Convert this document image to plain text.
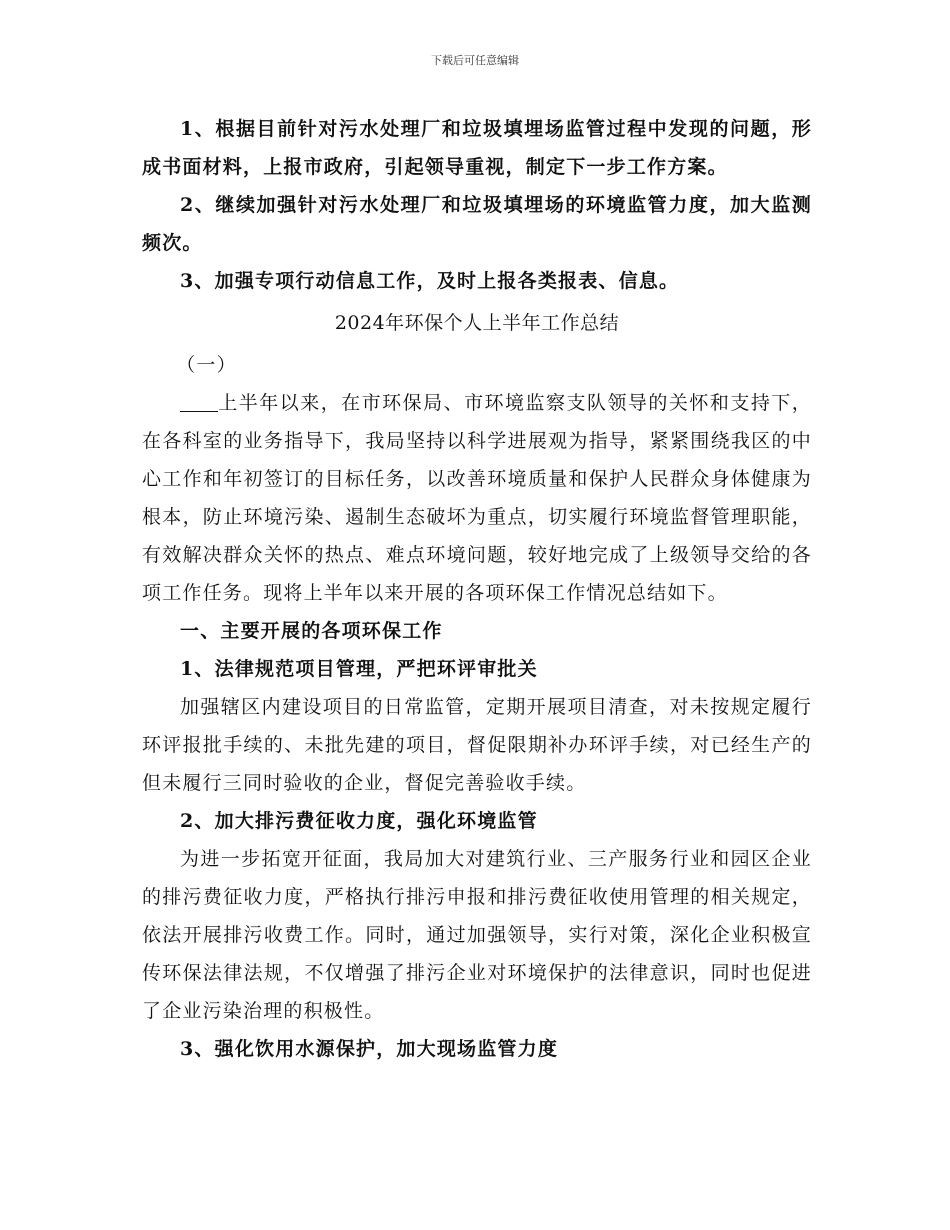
下载后可任意编辑

1、根据目前针对污水处理厂和垃圾填埋场监管过程中发现的问题，形成书面材料，上报市政府，引起领导重视，制定下一步工作方案。

2、继续加强针对污水处理厂和垃圾填埋场的环境监管力度，加大监测频次。

3、加强专项行动信息工作，及时上报各类报表、信息。

2024年环保个人上半年工作总结

（一）

上半年以来，在市环保局、市环境监察支队领导的关怀和支持下，在各科室的业务指导下，我局坚持以科学进展观为指导，紧紧围绕我区的中心工作和年初签订的目标任务，以改善环境质量和保护人民群众身体健康为根本，防止环境污染、遏制生态破坏为重点，切实履行环境监督管理职能，有效解决群众关怀的热点、难点环境问题，较好地完成了上级领导交给的各项工作任务。现将上半年以来开展的各项环保工作情况总结如下。

一、主要开展的各项环保工作

1、法律规范项目管理，严把环评审批关

加强辖区内建设项目的日常监管，定期开展项目清查，对未按规定履行环评报批手续的、未批先建的项目，督促限期补办环评手续，对已经生产的但未履行三同时验收的企业，督促完善验收手续。

2、加大排污费征收力度，强化环境监管

为进一步拓宽开征面，我局加大对建筑行业、三产服务行业和园区企业的排污费征收力度，严格执行排污申报和排污费征收使用管理的相关规定，依法开展排污收费工作。同时，通过加强领导，实行对策，深化企业积极宣传环保法律法规，不仅增强了排污企业对环境保护的法律意识，同时也促进了企业污染治理的积极性。

3、强化饮用水源保护，加大现场监管力度
